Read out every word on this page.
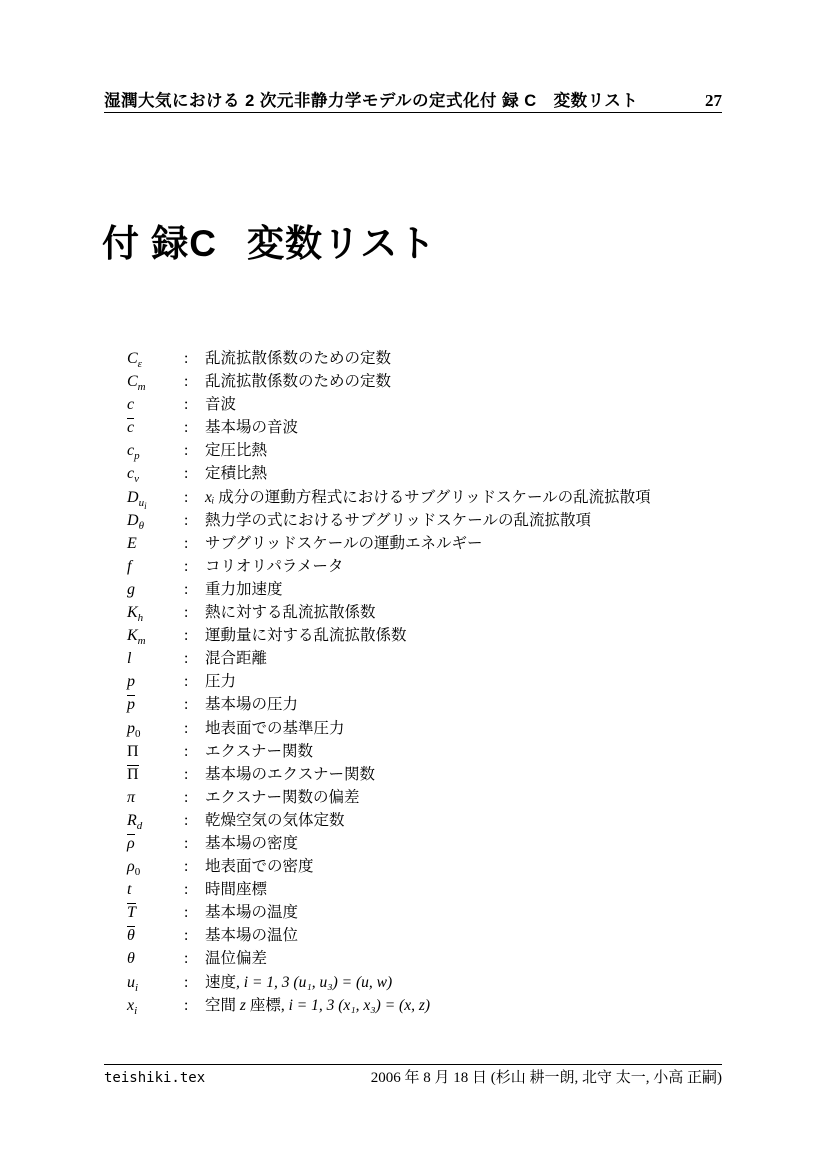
湿潤大気における 2 次元非静力学モデルの定式化付 録 C　変数リスト	27
付 録C 変数リスト
$C_\varepsilon$	: 乱流拡散係数のための定数
$C_m$ : 乱流拡散係数のための定数
c	: 音波
c	: 基本場の音波
$c_p$	: 定圧比熱
$c_v$	: 定積比熱
$D_{u_i}$: xᵢ 成分の運動方程式におけるサブグリッドスケールの乱流拡散項
$D_\theta$	: 熱力学の式におけるサブグリッドスケールの乱流拡散項
E	: サブグリッドスケールの運動エネルギー
f	: コリオリパラメータ
g	: 重力加速度
$K_h$	: 熱に対する乱流拡散係数
$K_m$ : 運動量に対する乱流拡散係数
l	: 混合距離
p	: 圧力
p	: 基本場の圧力
$p_0$	: 地表面での基準圧力
Π	: エクスナー関数
Π	: 基本場のエクスナー関数
π	: エクスナー関数の偏差
$R_d$	: 乾燥空気の気体定数
ρ	: 基本場の密度
$\rho_0$	: 地表面での密度
t	: 時間座標
T	: 基本場の温度
θ	: 基本場の温位
θ	: 温位偏差
$u_i$	: 速度, i = 1, 3 (u₁, u₃) = (u, w)
$x_i$	: 空間 z 座標, i = 1, 3 (x₁, x₃) = (x, z)
teishiki.tex	2006 年 8 月 18 日 (杉山 耕一朗, 北守 太一, 小高 正嗣)
